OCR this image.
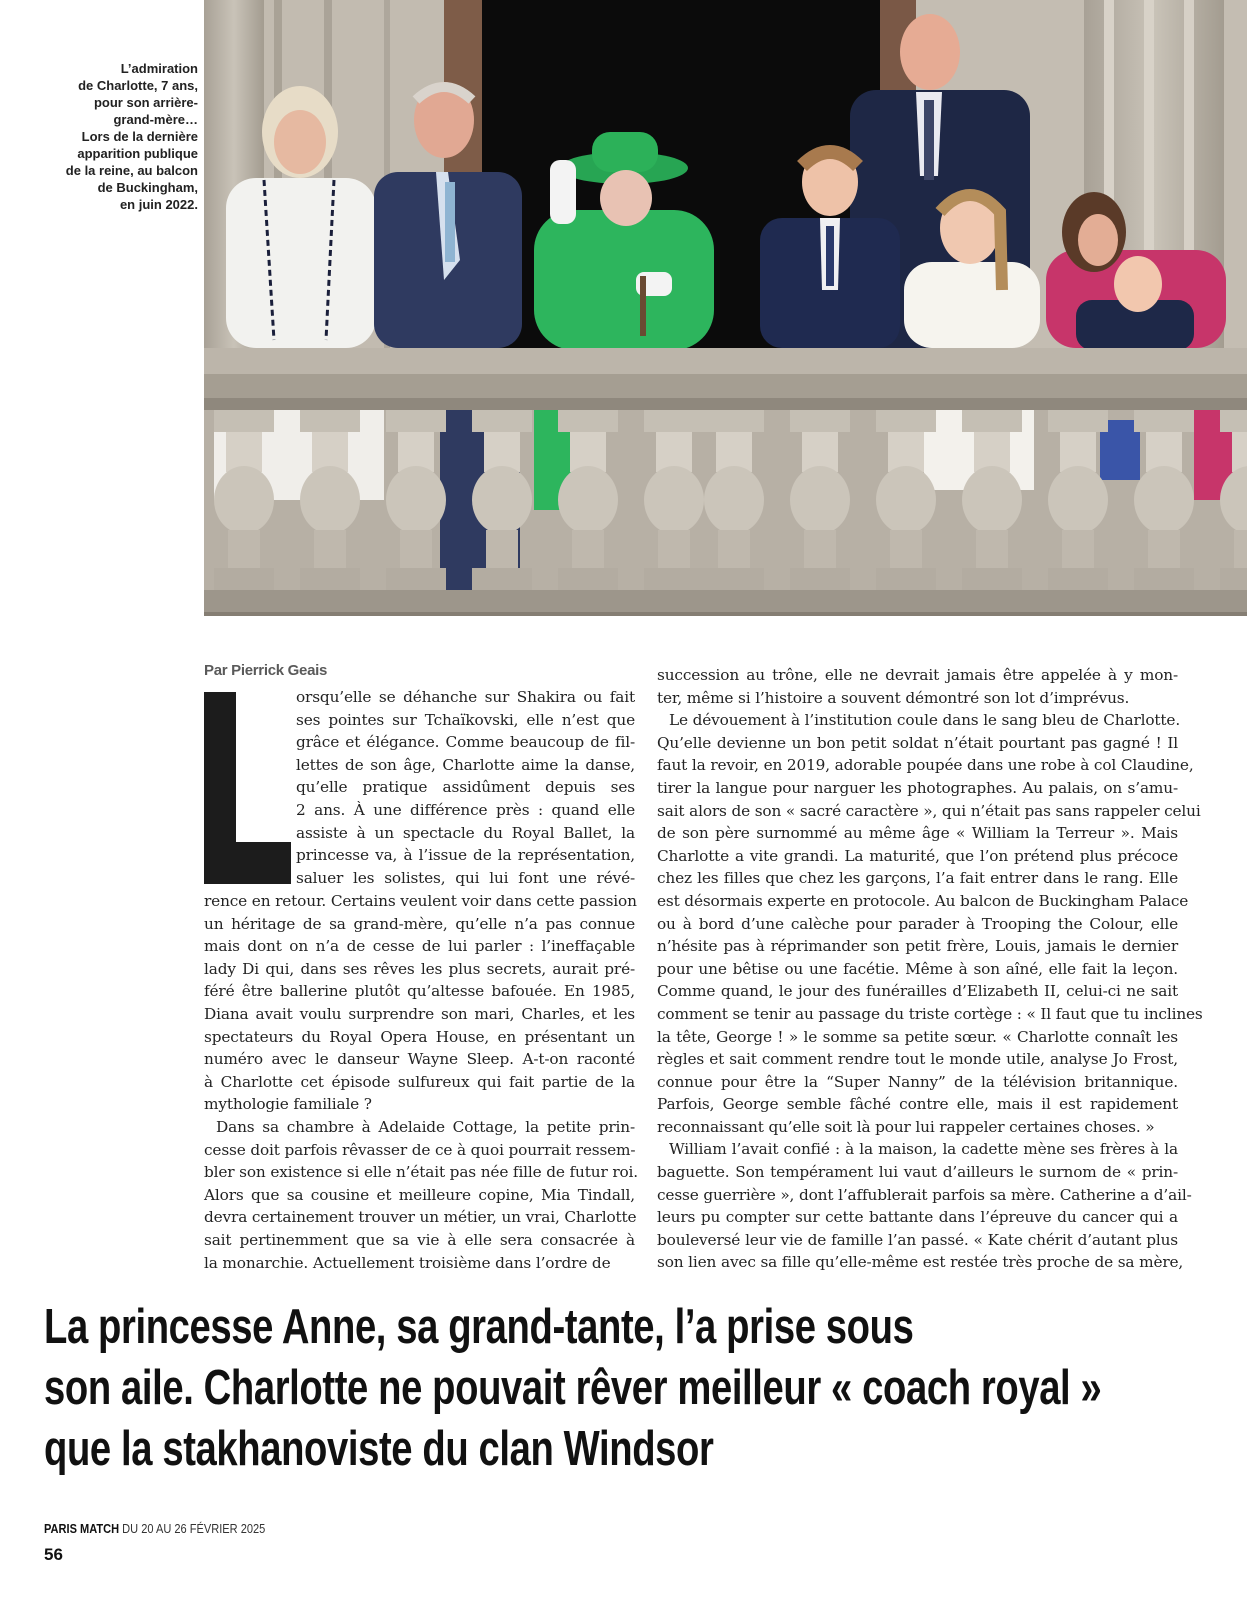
L’admiration
de Charlotte, 7 ans,
pour son arrière-
grand-mère…
Lors de la dernière
apparition publique
de la reine, au balcon
de Buckingham,
en juin 2022.
Par Pierrick Geais
orsqu’elle se déhanche sur Shakira ou fait
ses pointes sur Tchaïkovski, elle n’est que
grâce et élégance. Comme beaucoup de fil-
lettes de son âge, Charlotte aime la danse,
qu’elle pratique assidûment depuis ses
2 ans. À une différence près : quand elle
assiste à un spectacle du Royal Ballet, la
princesse va, à l’issue de la représentation,
saluer les solistes, qui lui font une révé-
rence en retour. Certains veulent voir dans cette passion
un héritage de sa grand-mère, qu’elle n’a pas connue
mais dont on n’a de cesse de lui parler : l’ineffaçable
lady Di qui, dans ses rêves les plus secrets, aurait pré-
féré être ballerine plutôt qu’altesse bafouée. En 1985,
Diana avait voulu surprendre son mari, Charles, et les
spectateurs du Royal Opera House, en présentant un
numéro avec le danseur Wayne Sleep. A-t-on raconté
à Charlotte cet épisode sulfureux qui fait partie de la
mythologie familiale ?
Dans sa chambre à Adelaide Cottage, la petite prin-
cesse doit parfois rêvasser de ce à quoi pourrait ressem-
bler son existence si elle n’était pas née fille de futur roi.
Alors que sa cousine et meilleure copine, Mia Tindall,
devra certainement trouver un métier, un vrai, Charlotte
sait pertinemment que sa vie à elle sera consacrée à
la monarchie. Actuellement troisième dans l’ordre de
succession au trône, elle ne devrait jamais être appelée à y mon-
ter, même si l’histoire a souvent démontré son lot d’imprévus.
Le dévouement à l’institution coule dans le sang bleu de Charlotte.
Qu’elle devienne un bon petit soldat n’était pourtant pas gagné ! Il
faut la revoir, en 2019, adorable poupée dans une robe à col Claudine,
tirer la langue pour narguer les photographes. Au palais, on s’amu-
sait alors de son « sacré caractère », qui n’était pas sans rappeler celui
de son père surnommé au même âge « William la Terreur ». Mais
Charlotte a vite grandi. La maturité, que l’on prétend plus précoce
chez les filles que chez les garçons, l’a fait entrer dans le rang. Elle
est désormais experte en protocole. Au balcon de Buckingham Palace
ou à bord d’une calèche pour parader à Trooping the Colour, elle
n’hésite pas à réprimander son petit frère, Louis, jamais le dernier
pour une bêtise ou une facétie. Même à son aîné, elle fait la leçon.
Comme quand, le jour des funérailles d’Elizabeth II, celui-ci ne sait
comment se tenir au passage du triste cortège : « Il faut que tu inclines
la tête, George ! » le somme sa petite sœur. « Charlotte connaît les
règles et sait comment rendre tout le monde utile, analyse Jo Frost,
connue pour être la “Super Nanny” de la télévision britannique.
Parfois, George semble fâché contre elle, mais il est rapidement
reconnaissant qu’elle soit là pour lui rappeler certaines choses. »
William l’avait confié : à la maison, la cadette mène ses frères à la
baguette. Son tempérament lui vaut d’ailleurs le surnom de « prin-
cesse guerrière », dont l’affublerait parfois sa mère. Catherine a d’ail-
leurs pu compter sur cette battante dans l’épreuve du cancer qui a
bouleversé leur vie de famille l’an passé. « Kate chérit d’autant plus
son lien avec sa fille qu’elle-même est restée très proche de sa mère,
La princesse Anne, sa grand-tante, l’a prise sous
son aile. Charlotte ne pouvait rêver meilleur « coach royal »
que la stakhanoviste du clan Windsor
PARIS MATCH DU 20 AU 26 FÉVRIER 2025
56
